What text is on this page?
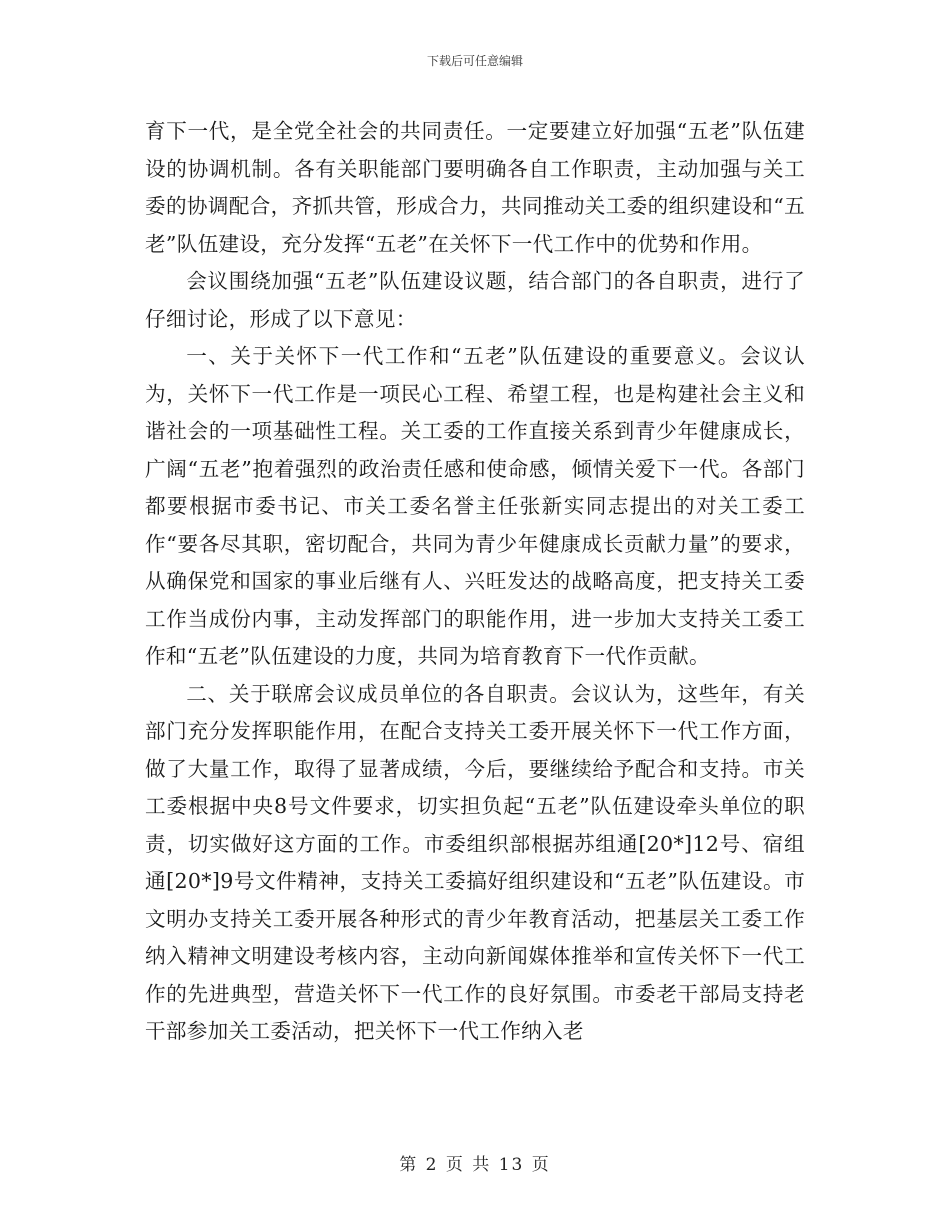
下载后可任意编辑

育下一代，是全党全社会的共同责任。一定要建立好加强“五老”队伍建设的协调机制。各有关职能部门要明确各自工作职责，主动加强与关工委的协调配合，齐抓共管，形成合力，共同推动关工委的组织建设和“五老”队伍建设，充分发挥“五老”在关怀下一代工作中的优势和作用。

会议围绕加强“五老”队伍建设议题，结合部门的各自职责，进行了仔细讨论，形成了以下意见：

一、关于关怀下一代工作和“五老”队伍建设的重要意义。会议认为，关怀下一代工作是一项民心工程、希望工程，也是构建社会主义和谐社会的一项基础性工程。关工委的工作直接关系到青少年健康成长，广阔“五老”抱着强烈的政治责任感和使命感，倾情关爱下一代。各部门都要根据市委书记、市关工委名誉主任张新实同志提出的对关工委工作“要各尽其职，密切配合，共同为青少年健康成长贡献力量”的要求，从确保党和国家的事业后继有人、兴旺发达的战略高度，把支持关工委工作当成份内事，主动发挥部门的职能作用，进一步加大支持关工委工作和“五老”队伍建设的力度，共同为培育教育下一代作贡献。

二、关于联席会议成员单位的各自职责。会议认为，这些年，有关部门充分发挥职能作用，在配合支持关工委开展关怀下一代工作方面，做了大量工作，取得了显著成绩，今后，要继续给予配合和支持。市关工委根据中央8号文件要求，切实担负起“五老”队伍建设牵头单位的职责，切实做好这方面的工作。市委组织部根据苏组通[20*]12号、宿组通[20*]9号文件精神，支持关工委搞好组织建设和“五老”队伍建设。市文明办支持关工委开展各种形式的青少年教育活动，把基层关工委工作纳入精神文明建设考核内容，主动向新闻媒体推举和宣传关怀下一代工作的先进典型，营造关怀下一代工作的良好氛围。市委老干部局支持老干部参加关工委活动，把关怀下一代工作纳入老

第 2 页 共 13 页
